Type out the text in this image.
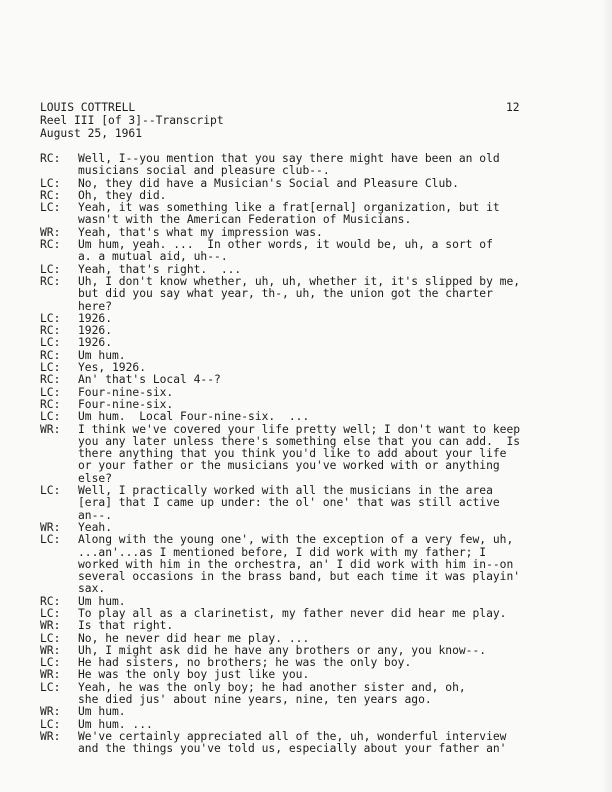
LOUIS COTTRELL
Reel III [of 3]--Transcript
August 25, 1961
12
RC:	Well, I--you mention that you say there might have been an old
musicians social and pleasure club--.
LC:	No, they did have a Musician's Social and Pleasure Club.
RC:	Oh, they did.
LC:	Yeah, it was something like a frat[ernal] organization, but it
wasn't with the American Federation of Musicians.
WR:	Yeah, that's what my impression was.
RC:	Um hum, yeah. ...  In other words, it would be, uh, a sort of
a. a mutual aid, uh--.
LC:	Yeah, that's right.  ...
RC:	Uh, I don't know whether, uh, uh, whether it, it's slipped by me,
but did you say what year, th-, uh, the union got the charter
here?
LC:	1926.
RC:	1926.
LC:	1926.
RC:	Um hum.
LC:	Yes, 1926.
RC:	An' that's Local 4--?
LC:	Four-nine-six.
RC:	Four-nine-six.
LC:	Um hum.  Local Four-nine-six.  ...
WR:	I think we've covered your life pretty well; I don't want to keep
you any later unless there's something else that you can add.  Is
there anything that you think you'd like to add about your life
or your father or the musicians you've worked with or anything
else?
LC:	Well, I practically worked with all the musicians in the area
[era] that I came up under: the ol' one' that was still active
an--.
WR:	Yeah.
LC:	Along with the young one', with the exception of a very few, uh,
...an'...as I mentioned before, I did work with my father; I
worked with him in the orchestra, an' I did work with him in--on
several occasions in the brass band, but each time it was playin'
sax.
RC:	Um hum.
LC:	To play all as a clarinetist, my father never did hear me play.
WR:	Is that right.
LC:	No, he never did hear me play. ...
WR:	Uh, I might ask did he have any brothers or any, you know--.
LC:	He had sisters, no brothers; he was the only boy.
WR:	He was the only boy just like you.
LC:	Yeah, he was the only boy; he had another sister and, oh,
she died jus' about nine years, nine, ten years ago.
WR:	Um hum.
LC:	Um hum. ...
WR:	We've certainly appreciated all of the, uh, wonderful interview
and the things you've told us, especially about your father an'
